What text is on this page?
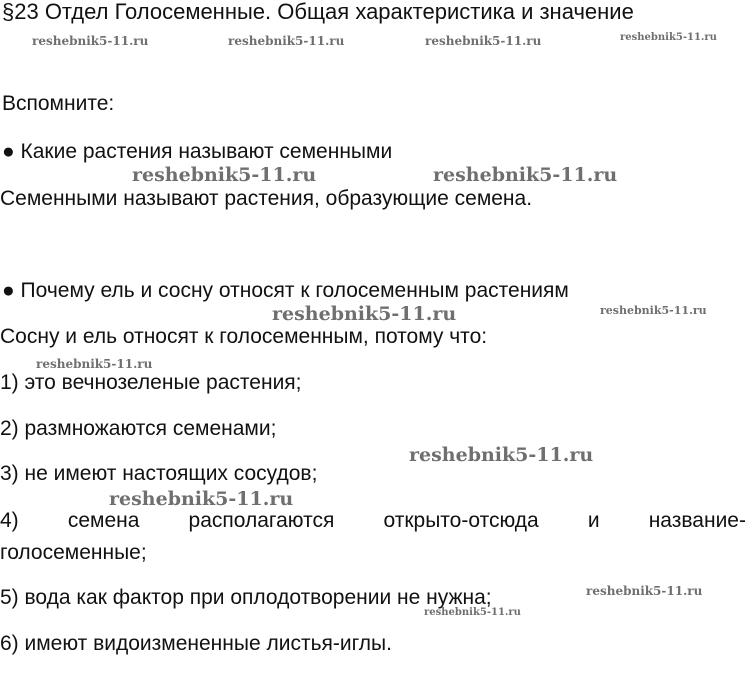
§23 Отдел Голосеменные. Общая характеристика и значение
reshebnik5-11.ru	reshebnik5-11.ru	reshebnik5-11.ru	reshebnik5-11.ru
Вспомните:
● Какие растения называют семенными
reshebnik5-11.ru	reshebnik5-11.ru
Семенными называют растения, образующие семена.
● Почему ель и сосну относят к голосеменным растениям
reshebnik5-11.ru	reshebnik5-11.ru
Сосну и ель относят к голосеменным, потому что:
reshebnik5-11.ru
1) это вечнозеленые растения;
2) размножаются семенами;
reshebnik5-11.ru
3) не имеют настоящих сосудов;
reshebnik5-11.ru
4) семена располагаются открыто-отсюда и название-
голосеменные;
5) вода как фактор при оплодотворении не нужна;	reshebnik5-11.ru
reshebnik5-11.ru
6) имеют видоизмененные листья-иглы.
